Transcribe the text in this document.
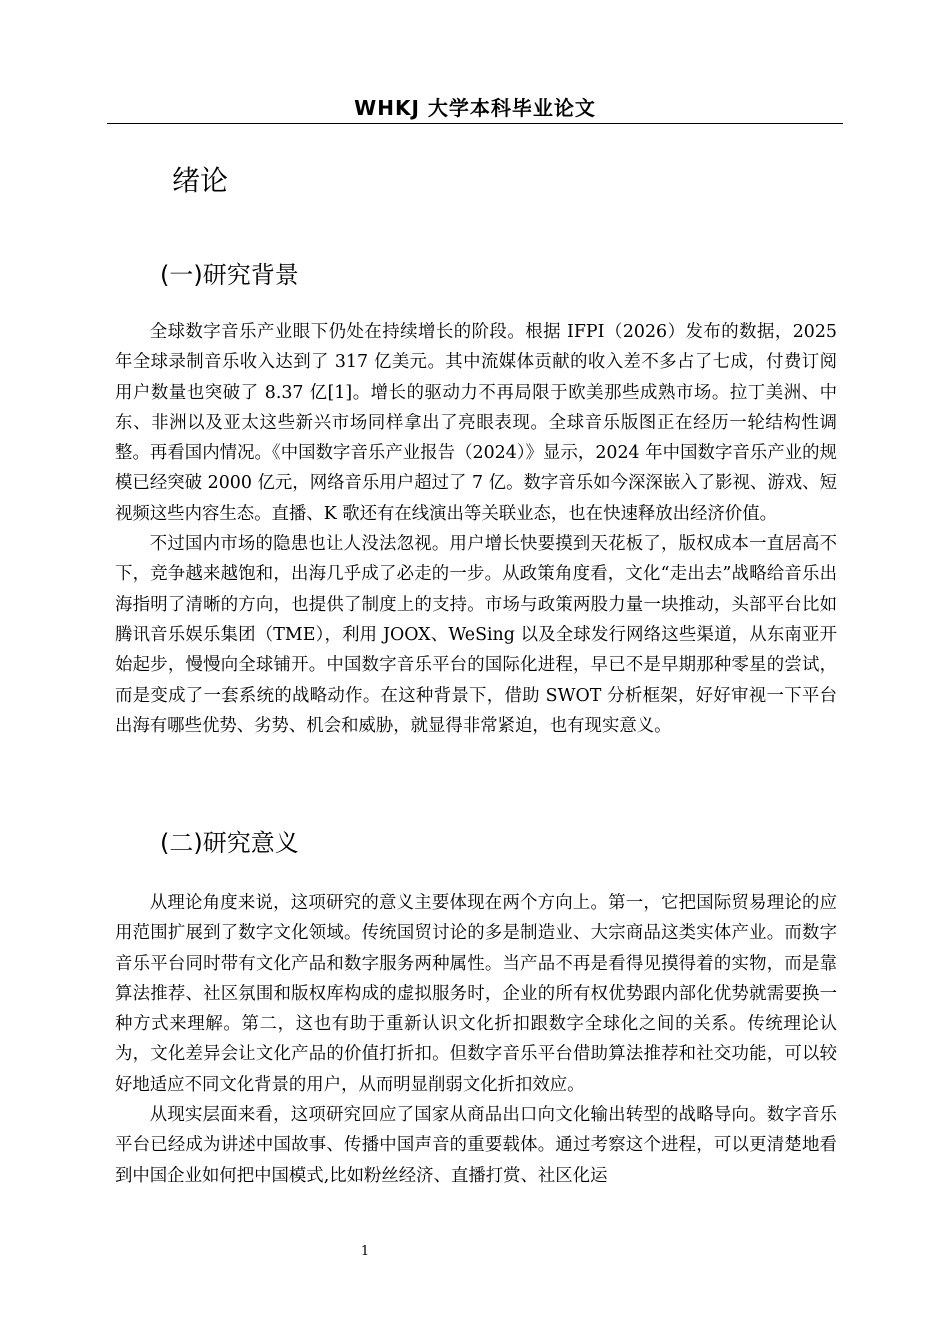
WHKJ 大学本科毕业论文
绪论
(一)研究背景

全球数字音乐产业眼下仍处在持续增长的阶段。根据 IFPI（2026）发布的数据，2025 年全球录制音乐收入达到了 317 亿美元。其中流媒体贡献的收入差不多占了七成，付费订阅用户数量也突破了 8.37 亿[1]。增长的驱动力不再局限于欧美那些成熟市场。拉丁美洲、中东、非洲以及亚太这些新兴市场同样拿出了亮眼表现。全球音乐版图正在经历一轮结构性调整。再看国内情况。《中国数字音乐产业报告（2024）》显示，2024 年中国数字音乐产业的规模已经突破 2000 亿元，网络音乐用户超过了 7 亿。数字音乐如今深深嵌入了影视、游戏、短视频这些内容生态。直播、K 歌还有在线演出等关联业态，也在快速释放出经济价值。

不过国内市场的隐患也让人没法忽视。用户增长快要摸到天花板了，版权成本一直居高不下，竞争越来越饱和，出海几乎成了必走的一步。从政策角度看，文化“走出去”战略给音乐出海指明了清晰的方向，也提供了制度上的支持。市场与政策两股力量一块推动，头部平台比如腾讯音乐娱乐集团（TME），利用 JOOX、WeSing 以及全球发行网络这些渠道，从东南亚开始起步，慢慢向全球铺开。中国数字音乐平台的国际化进程，早已不是早期那种零星的尝试，而是变成了一套系统的战略动作。在这种背景下，借助 SWOT 分析框架，好好审视一下平台出海有哪些优势、劣势、机会和威胁，就显得非常紧迫，也有现实意义。

(二)研究意义

从理论角度来说，这项研究的意义主要体现在两个方向上。第一，它把国际贸易理论的应用范围扩展到了数字文化领域。传统国贸讨论的多是制造业、大宗商品这类实体产业。而数字音乐平台同时带有文化产品和数字服务两种属性。当产品不再是看得见摸得着的实物，而是靠算法推荐、社区氛围和版权库构成的虚拟服务时，企业的所有权优势跟内部化优势就需要换一种方式来理解。第二，这也有助于重新认识文化折扣跟数字全球化之间的关系。传统理论认为，文化差异会让文化产品的价值打折扣。但数字音乐平台借助算法推荐和社交功能，可以较好地适应不同文化背景的用户，从而明显削弱文化折扣效应。

从现实层面来看，这项研究回应了国家从商品出口向文化输出转型的战略导向。数字音乐平台已经成为讲述中国故事、传播中国声音的重要载体。通过考察这个进程，可以更清楚地看到中国企业如何把中国模式,比如粉丝经济、直播打赏、社区化运

1
